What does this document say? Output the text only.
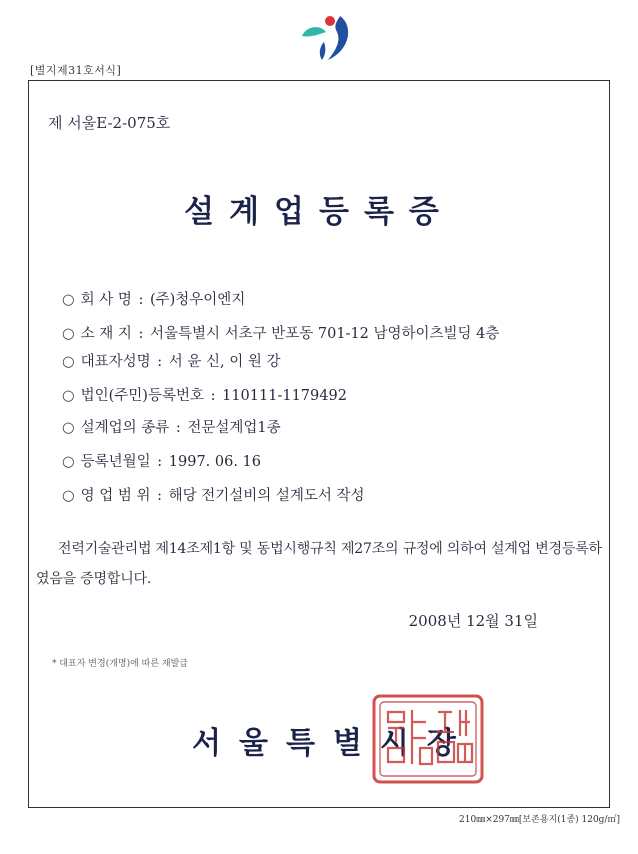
[별지제31호서식]
제 서울E-2-075호
설계업등록증
○ 회 사 명 : (주)청우이엔지
○ 소 재 지 : 서울특별시 서초구 반포동 701-12 남영하이츠빌딩 4층
○ 대표자성명 : 서 윤 신, 이 원 강
○ 법인(주민)등록번호 : 110111-1179492
○ 설계업의 종류 : 전문설계업1종
○ 등록년월일 : 1997. 06. 16
○ 영 업 범 위 : 해당 전기설비의 설계도서 작성
전력기술관리법 제14조제1항 및 동법시행규칙 제27조의 규정에 의하여 설계업 변경등록하였음을 증명합니다.
2008년 12월 31일
* 대표자 변경(개명)에 따른 재발급
서울특별시장
210㎜×297㎜[보존용지(1종) 120g/㎡]
